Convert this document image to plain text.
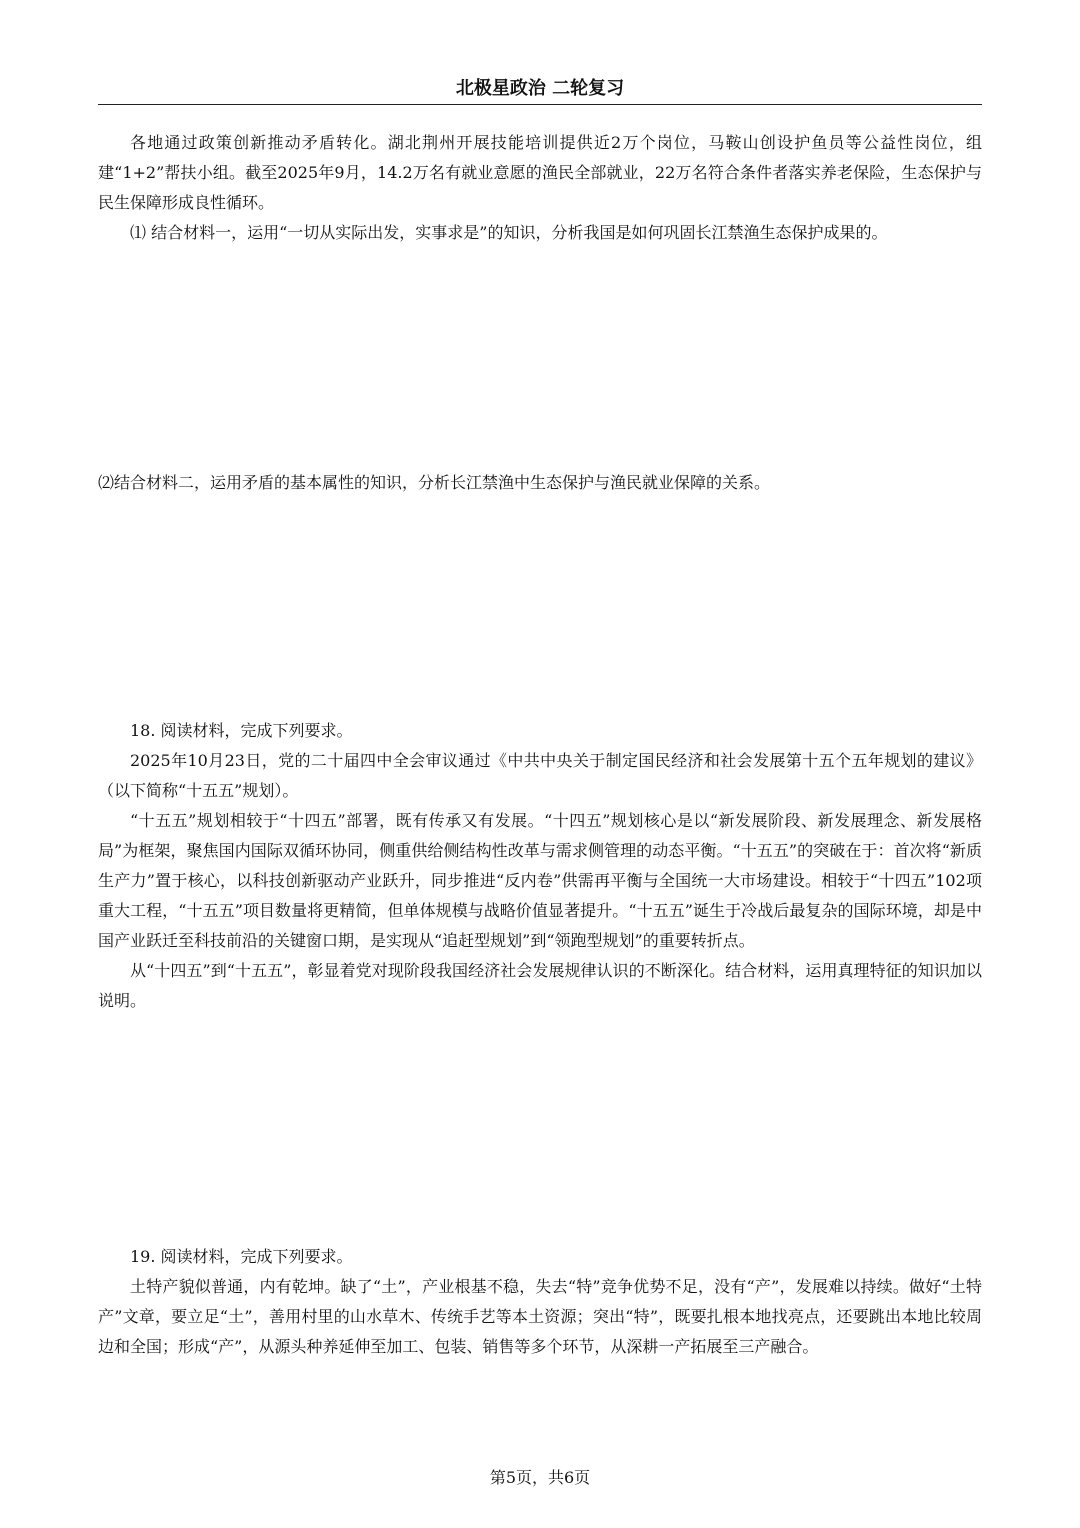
北极星政治 二轮复习

各地通过政策创新推动矛盾转化。湖北荆州开展技能培训提供近2万个岗位，马鞍山创设护鱼员等公益性岗位，组建“1+2”帮扶小组。截至2025年9月，14.2万名有就业意愿的渔民全部就业，22万名符合条件者落实养老保险，生态保护与民生保障形成良性循环。

⑴ 结合材料一，运用“一切从实际出发，实事求是”的知识，分析我国是如何巩固长江禁渔生态保护成果的。

⑵结合材料二，运用矛盾的基本属性的知识，分析长江禁渔中生态保护与渔民就业保障的关系。

18. 阅读材料，完成下列要求。

2025年10月23日，党的二十届四中全会审议通过《中共中央关于制定国民经济和社会发展第十五个五年规划的建议》（以下简称“十五五”规划）。

“十五五”规划相较于“十四五”部署，既有传承又有发展。“十四五”规划核心是以“新发展阶段、新发展理念、新发展格局”为框架，聚焦国内国际双循环协同，侧重供给侧结构性改革与需求侧管理的动态平衡。“十五五”的突破在于：首次将“新质生产力”置于核心，以科技创新驱动产业跃升，同步推进“反内卷”供需再平衡与全国统一大市场建设。相较于“十四五”102项重大工程，“十五五”项目数量将更精简，但单体规模与战略价值显著提升。“十五五”诞生于冷战后最复杂的国际环境，却是中国产业跃迁至科技前沿的关键窗口期，是实现从“追赶型规划”到“领跑型规划”的重要转折点。

从“十四五”到“十五五”，彰显着党对现阶段我国经济社会发展规律认识的不断深化。结合材料，运用真理特征的知识加以说明。

19. 阅读材料，完成下列要求。

土特产貌似普通，内有乾坤。缺了“土”，产业根基不稳，失去“特”竞争优势不足，没有“产”，发展难以持续。做好“土特产”文章，要立足“土”，善用村里的山水草木、传统手艺等本土资源；突出“特”，既要扎根本地找亮点，还要跳出本地比较周边和全国；形成“产”，从源头种养延伸至加工、包装、销售等多个环节，从深耕一产拓展至三产融合。

第5页，共6页
